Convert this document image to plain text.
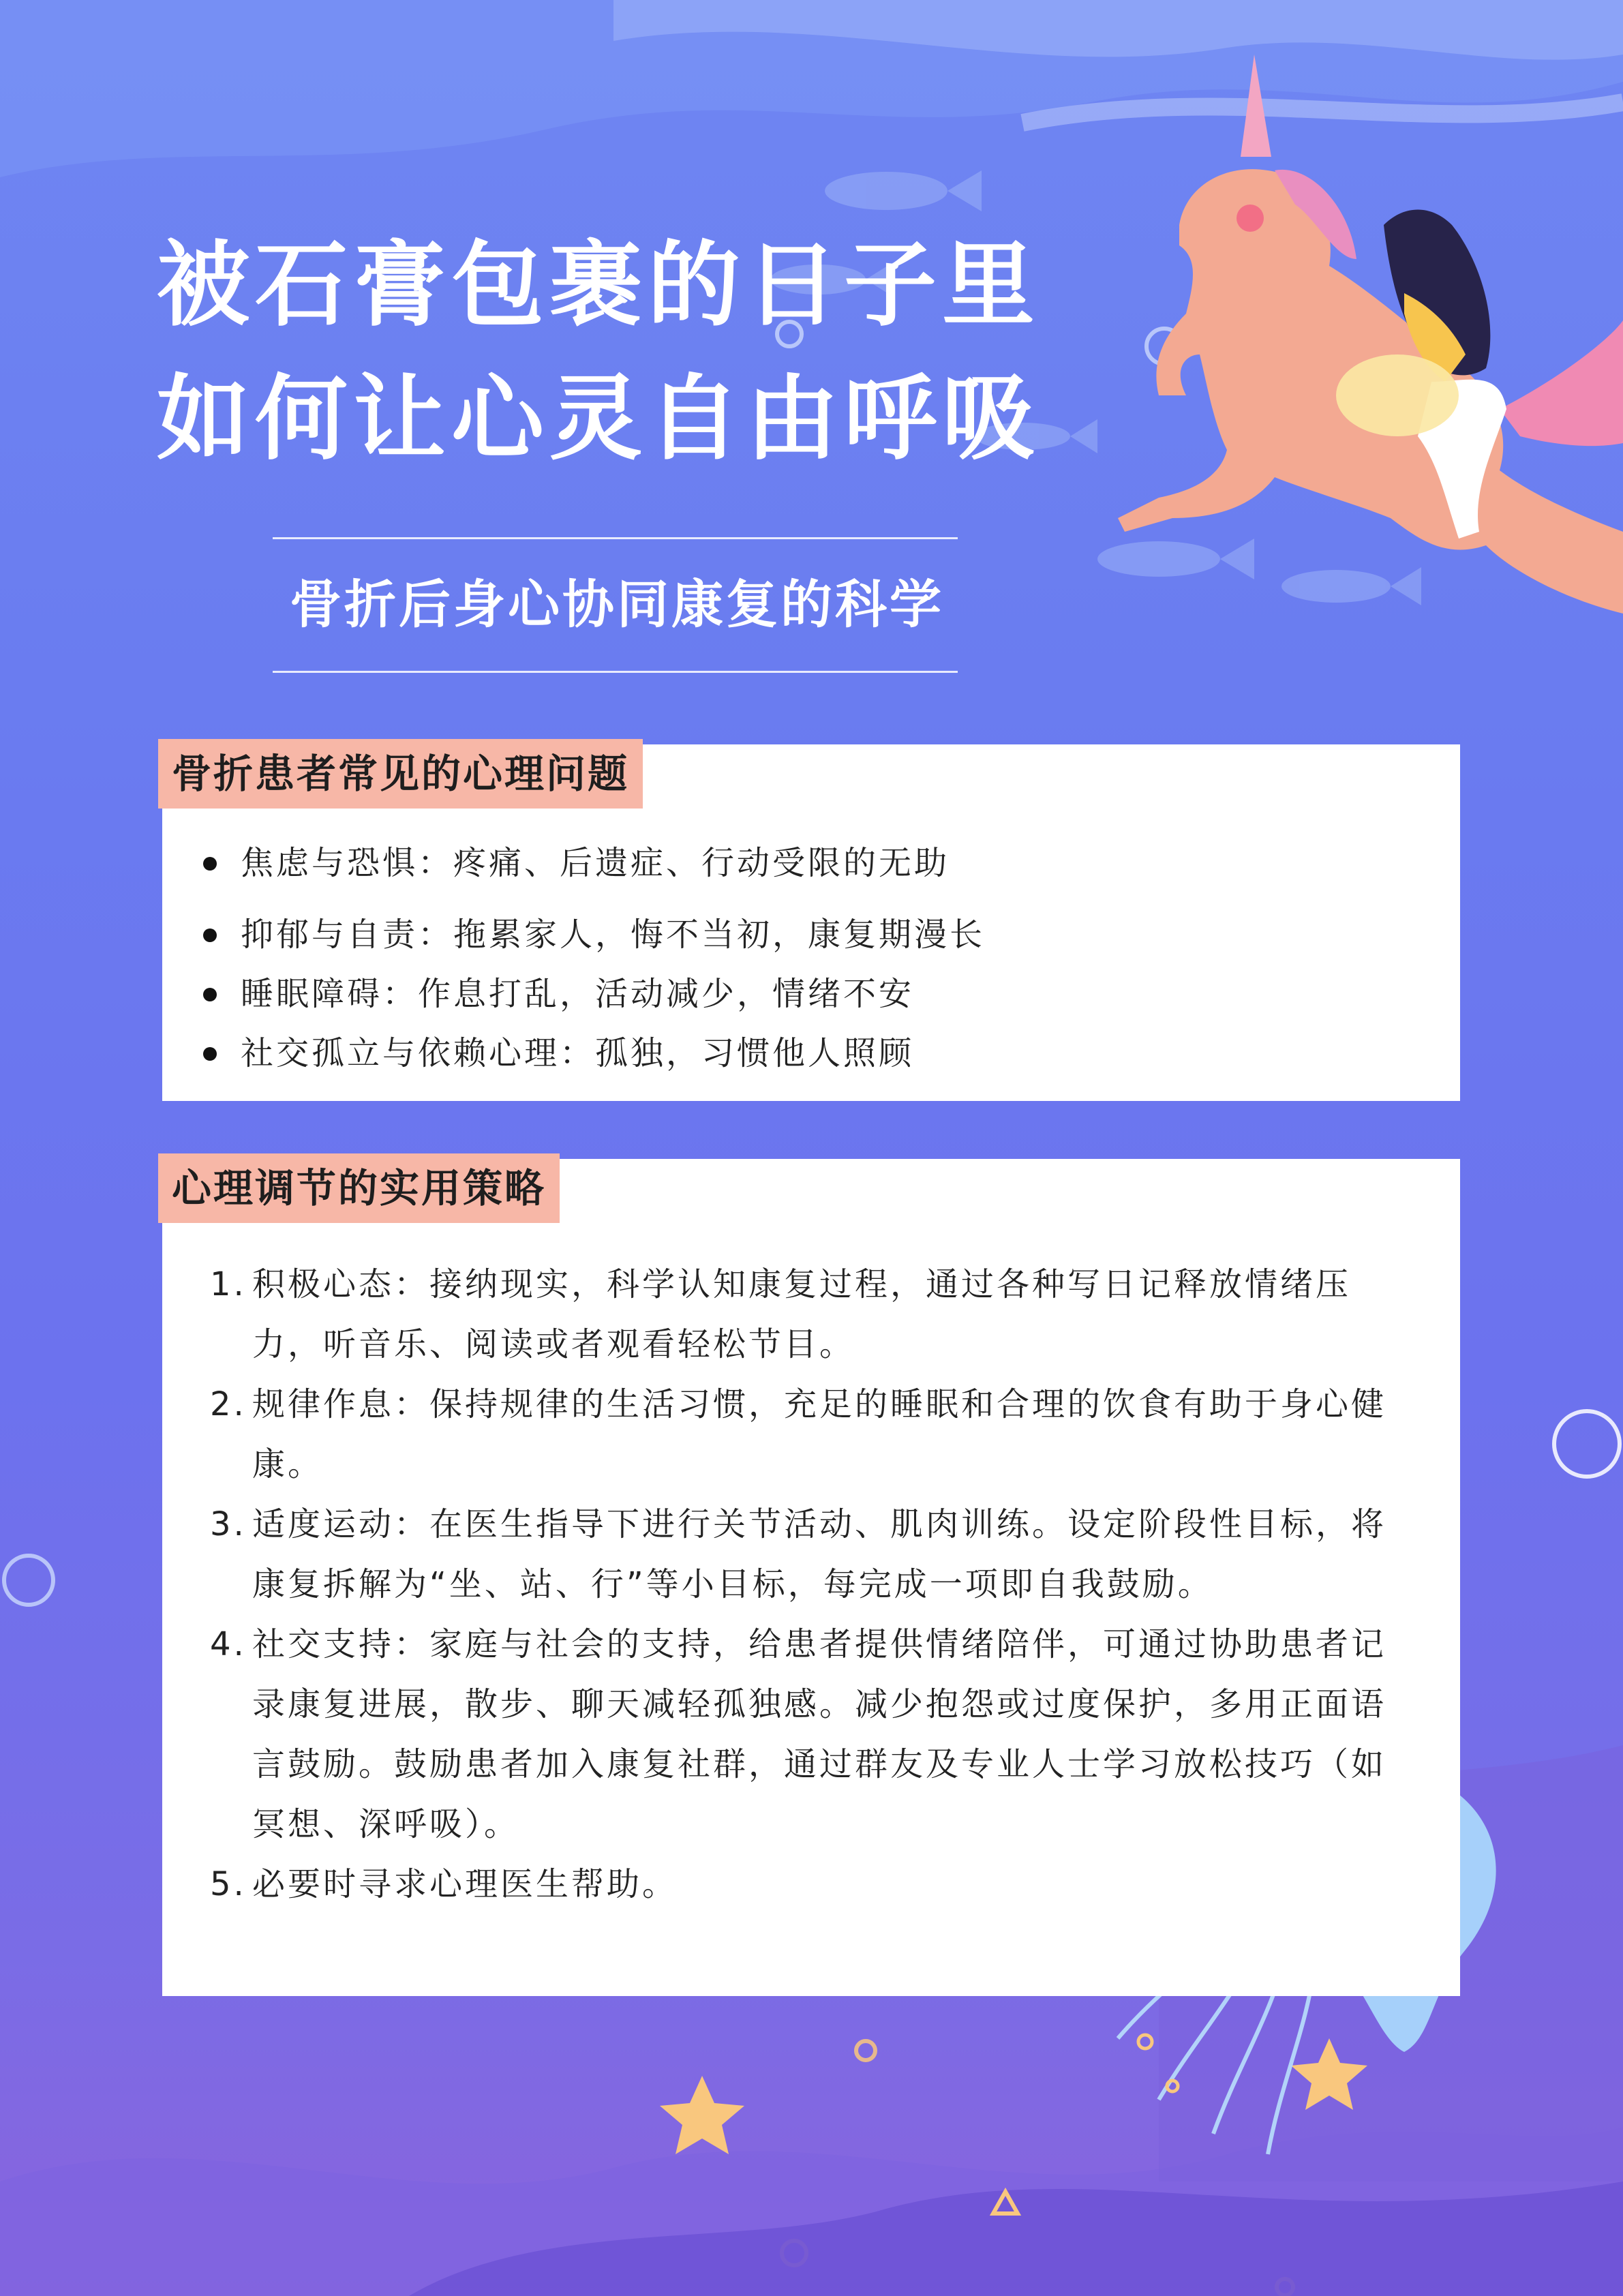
被石膏包裹的日子里
如何让心灵自由呼吸
骨折后身心协同康复的科学
骨折患者常见的心理问题
焦虑与恐惧：疼痛、后遗症、行动受限的无助
抑郁与自责：拖累家人，悔不当初，康复期漫长
睡眠障碍：作息打乱，活动减少，情绪不安
社交孤立与依赖心理：孤独，习惯他人照顾
心理调节的实用策略
1. 积极心态：接纳现实，科学认知康复过程，通过各种写日记释放情绪压力，听音乐、阅读或者观看轻松节目。
2. 规律作息：保持规律的生活习惯，充足的睡眠和合理的饮食有助于身心健康。
3. 适度运动：在医生指导下进行关节活动、肌肉训练。设定阶段性目标，将康复拆解为“坐、站、行”等小目标，每完成一项即自我鼓励。
4. 社交支持：家庭与社会的支持，给患者提供情绪陪伴，可通过协助患者记录康复进展，散步、聊天减轻孤独感。减少抱怨或过度保护，多用正面语言鼓励。鼓励患者加入康复社群，通过群友及专业人士学习放松技巧（如冥想、深呼吸）。
5. 必要时寻求心理医生帮助。
